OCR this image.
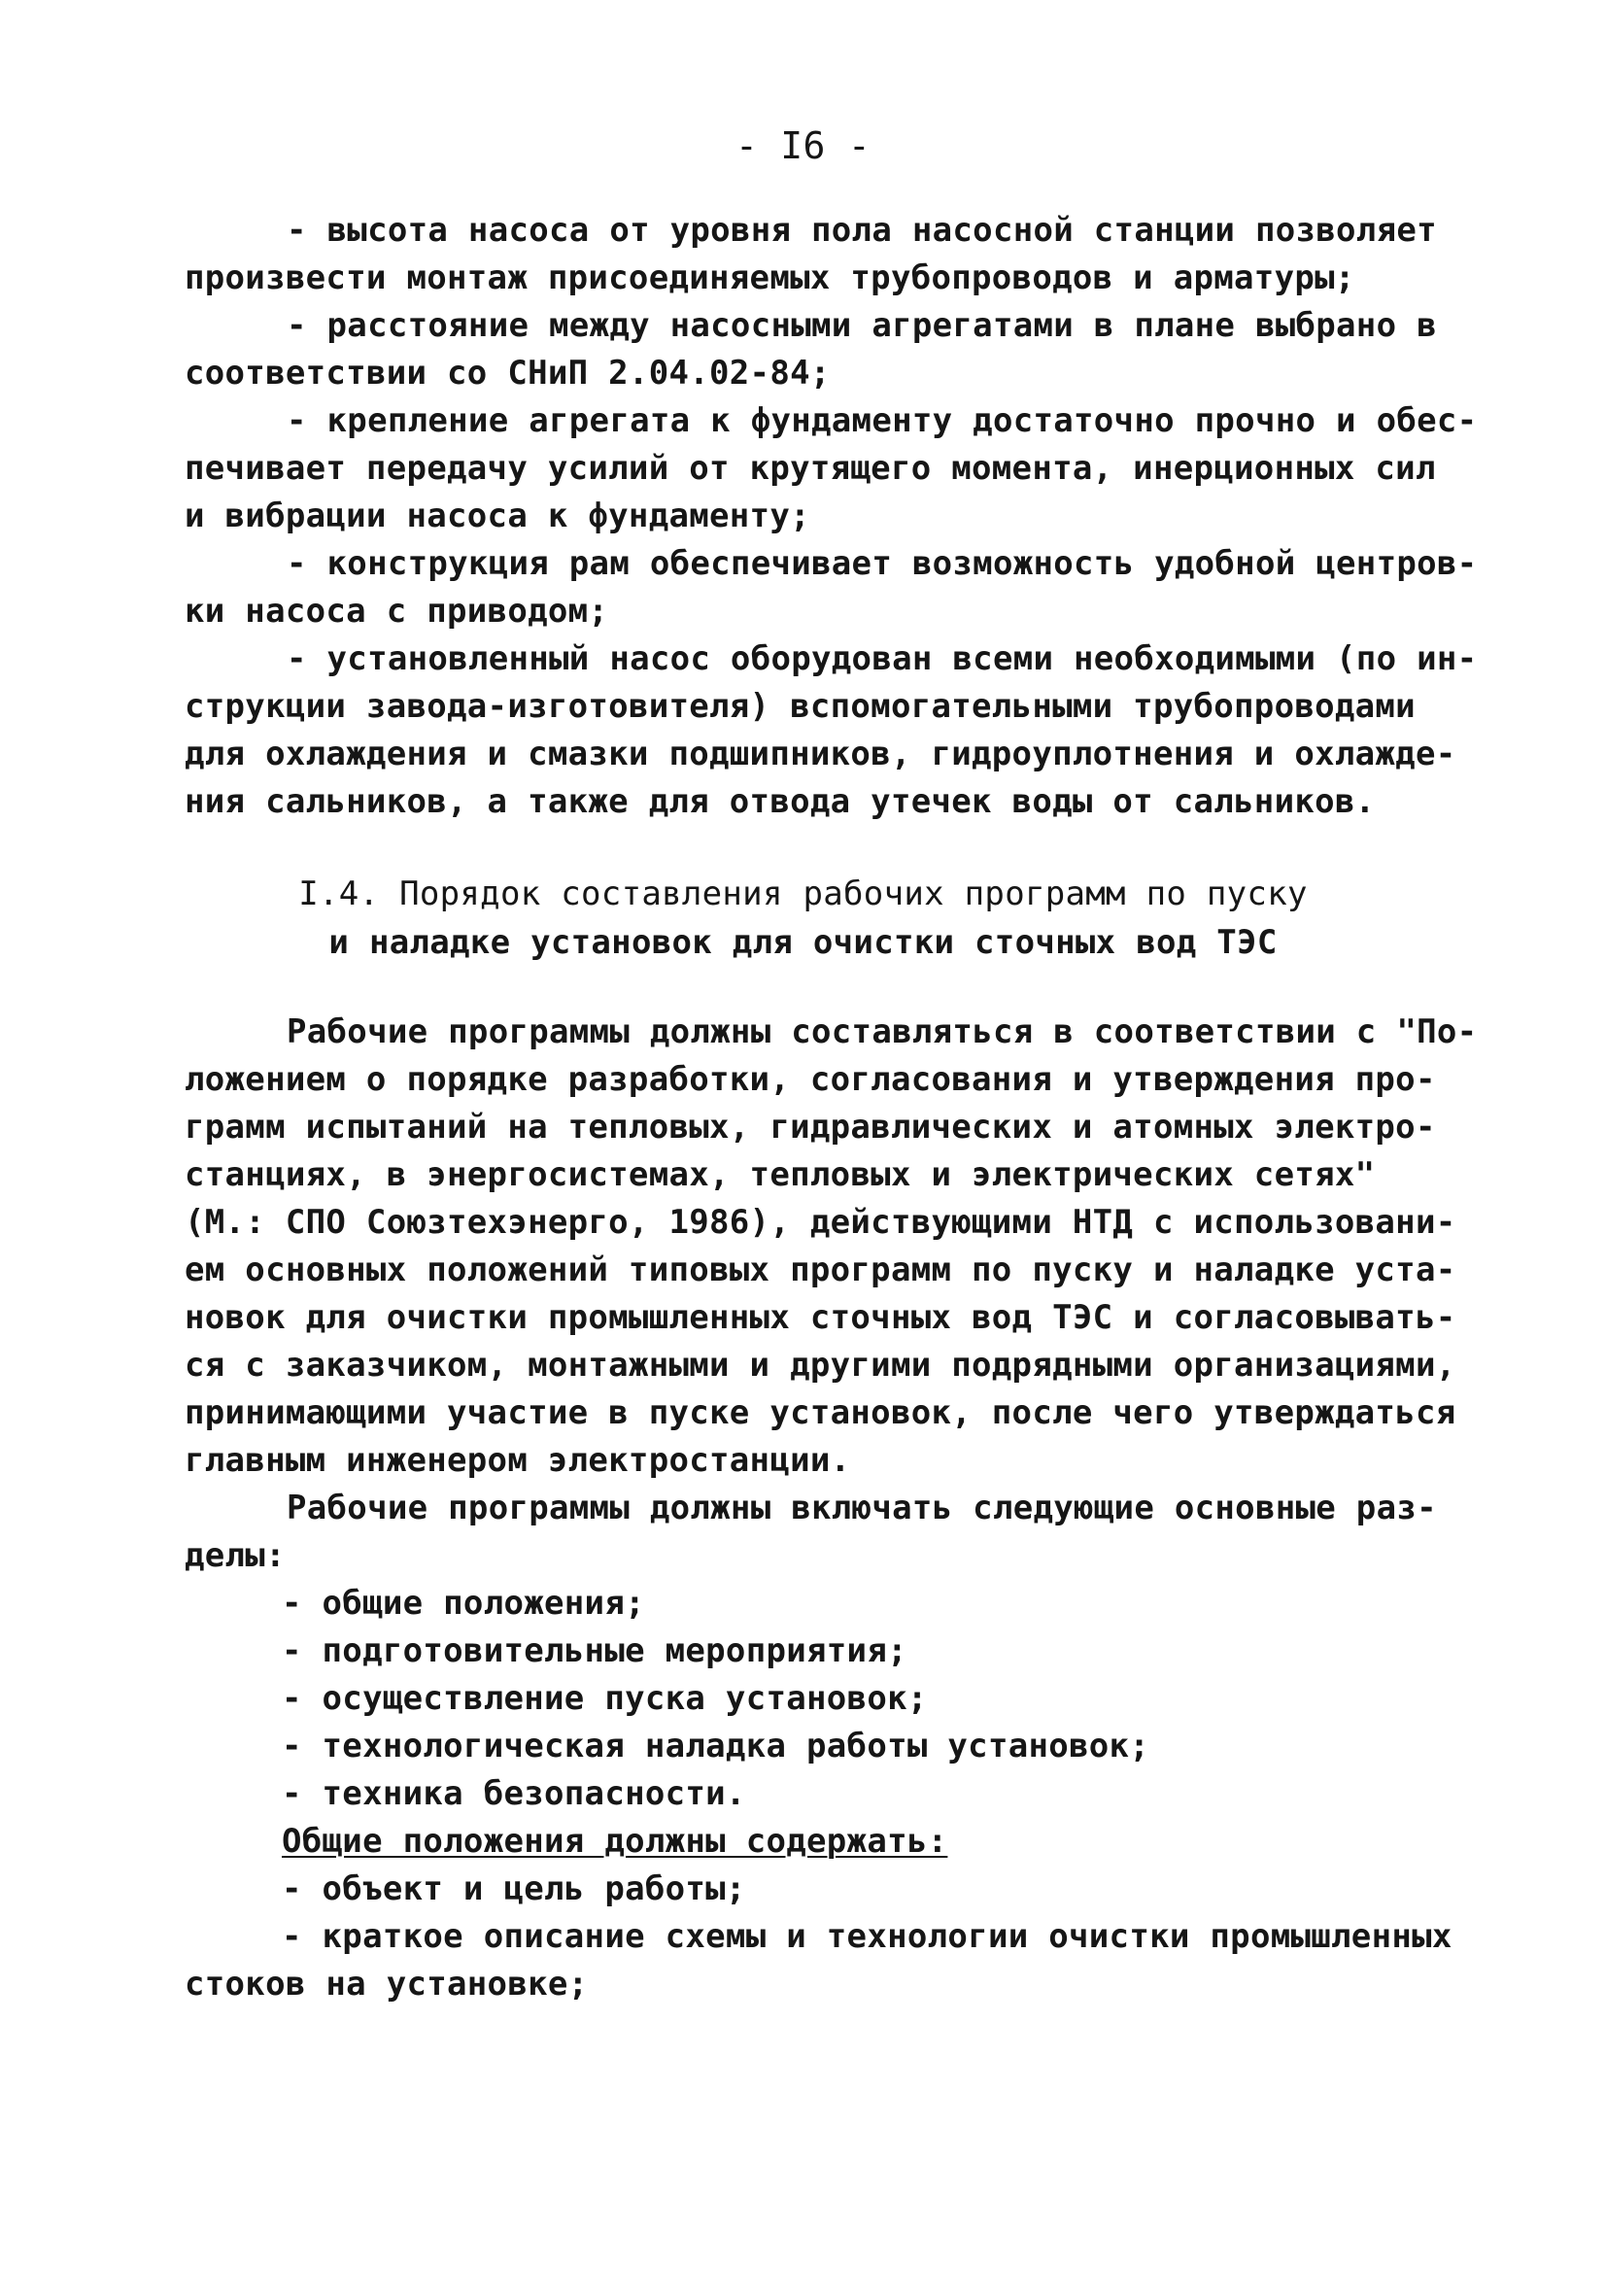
- I6 -
- высота насоса от уровня пола насосной станции позволяет
произвести монтаж присоединяемых трубопроводов и арматуры;
- расстояние между насосными агрегатами в плане выбрано в
соответствии со СНиП 2.04.02-84;
- крепление агрегата к фундаменту достаточно прочно и обес-
печивает передачу усилий от крутящего момента, инерционных сил
и вибрации насоса к фундаменту;
- конструкция рам обеспечивает возможность удобной центров-
ки насоса с приводом;
- установленный насос оборудован всеми необходимыми (по ин-
струкции завода-изготовителя) вспомогательными трубопроводами
для охлаждения и смазки подшипников, гидроуплотнения и охлажде-
ния сальников, а также для отвода утечек воды от сальников.
I.4. Порядок составления рабочих программ по пуску
и наладке установок для очистки сточных вод ТЭС
Рабочие программы должны составляться в соответствии с "По-
ложением о порядке разработки, согласования и утверждения про-
грамм испытаний на тепловых, гидравлических и атомных электро-
станциях, в энергосистемах, тепловых и электрических сетях"
(М.: СПО Союзтехэнерго, 1986), действующими НТД с использовани-
ем основных положений типовых программ по пуску и наладке уста-
новок для очистки промышленных сточных вод ТЭС и согласовывать-
ся с заказчиком, монтажными и другими подрядными организациями,
принимающими участие в пуске установок, после чего утверждаться
главным инженером электростанции.
Рабочие программы должны включать следующие основные раз-
делы:
- общие положения;
- подготовительные мероприятия;
- осуществление пуска установок;
- технологическая наладка работы установок;
- техника безопасности.
Общие положения должны содержать:
- объект и цель работы;
- краткое описание схемы и технологии очистки промышленных
стоков на установке;
